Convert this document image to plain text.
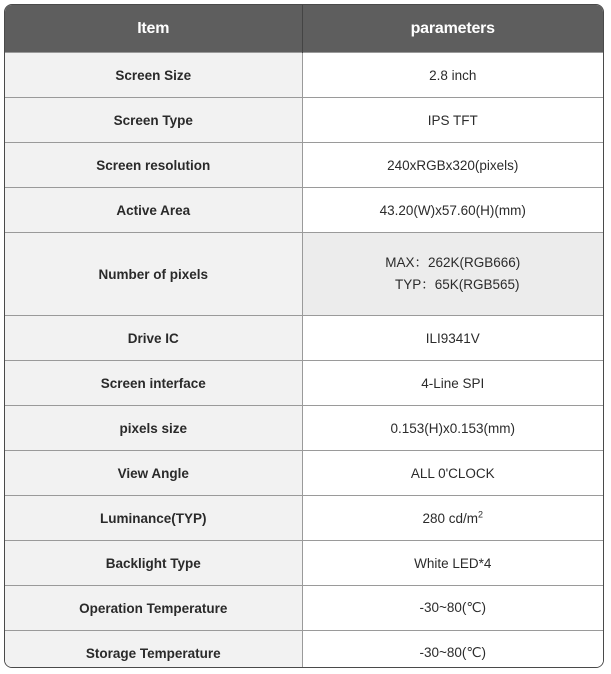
Item	parameters
Screen Size	2.8 inch
Screen Type	IPS TFT
Screen resolution	240xRGBx320(pixels)
Active Area	43.20(W)x57.60(H)(mm)
Number of pixels	MAX：262K(RGB666)
TYP：65K(RGB565)

Drive IC	ILI9341V
Screen interface	4-Line SPI
pixels size	0.153(H)x0.153(mm)
View Angle	ALL 0'CLOCK
Luminance(TYP)	280 $cd/m^2$
Backlight Type	White LED*4
Operation Temperature	-30~80(℃)
Storage Temperature	-30~80(℃)
